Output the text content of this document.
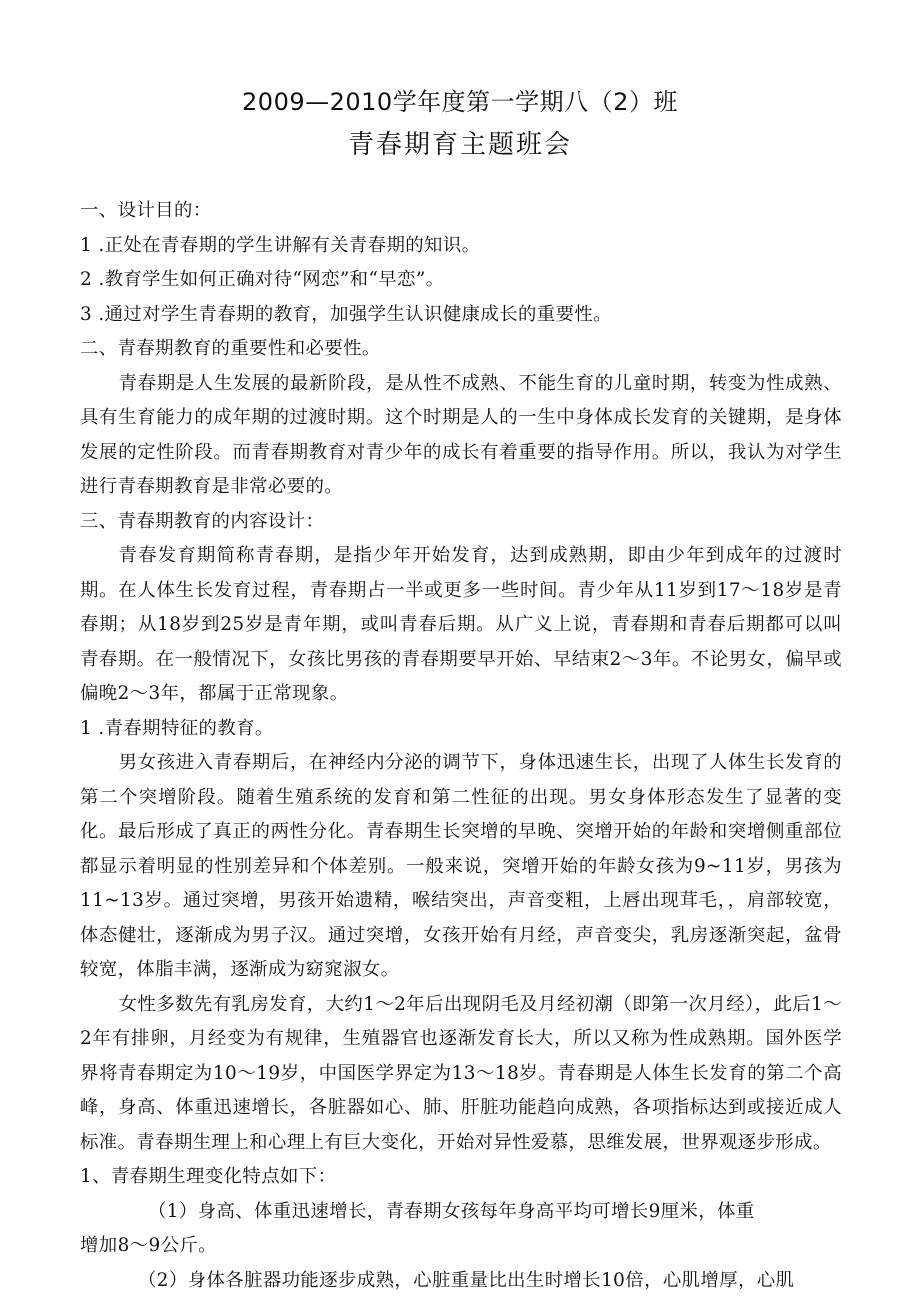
2009—2010学年度第一学期八（2）班
青春期育主题班会

一、设计目的：

1 .正处在青春期的学生讲解有关青春期的知识。

2 .教育学生如何正确对待“网恋”和“早恋”。

3 .通过对学生青春期的教育，加强学生认识健康成长的重要性。

二、青春期教育的重要性和必要性。

青春期是人生发展的最新阶段，是从性不成熟、不能生育的儿童时期，转变为性成熟、具有生育能力的成年期的过渡时期。这个时期是人的一生中身体成长发育的关键期，是身体发展的定性阶段。而青春期教育对青少年的成长有着重要的指导作用。所以，我认为对学生进行青春期教育是非常必要的。

三、青春期教育的内容设计：

青春发育期简称青春期，是指少年开始发育，达到成熟期，即由少年到成年的过渡时期。在人体生长发育过程，青春期占一半或更多一些时间。青少年从11岁到17～18岁是青春期；从18岁到25岁是青年期，或叫青春后期。从广义上说，青春期和青春后期都可以叫青春期。在一般情况下，女孩比男孩的青春期要早开始、早结束2～3年。不论男女，偏早或偏晚2～3年，都属于正常现象。

1 .青春期特征的教育。

男女孩进入青春期后，在神经内分泌的调节下，身体迅速生长，出现了人体生长发育的第二个突增阶段。随着生殖系统的发育和第二性征的出现。男女身体形态发生了显著的变化。最后形成了真正的两性分化。青春期生长突增的早晚、突增开始的年龄和突增侧重部位都显示着明显的性别差异和个体差别。一般来说，突增开始的年龄女孩为9~11岁，男孩为11~13岁。通过突增，男孩开始遗精，喉结突出，声音变粗，上唇出现茸毛，，肩部较宽，体态健壮，逐渐成为男子汉。通过突增，女孩开始有月经，声音变尖，乳房逐渐突起，盆骨较宽，体脂丰满，逐渐成为窈窕淑女。

女性多数先有乳房发育，大约1～2年后出现阴毛及月经初潮（即第一次月经），此后1～2年有排卵，月经变为有规律，生殖器官也逐渐发育长大，所以又称为性成熟期。国外医学界将青春期定为10～19岁，中国医学界定为13～18岁。青春期是人体生长发育的第二个高峰，身高、体重迅速增长，各脏器如心、肺、肝脏功能趋向成熟，各项指标达到或接近成人标准。青春期生理上和心理上有巨大变化，开始对异性爱慕，思维发展，世界观逐步形成。

1、青春期生理变化特点如下：

（1）身高、体重迅速增长，青春期女孩每年身高平均可增长9厘米，体重

增加8～9公斤。

（2）身体各脏器功能逐步成熟，心脏重量比出生时增长10倍，心肌增厚，心肌
